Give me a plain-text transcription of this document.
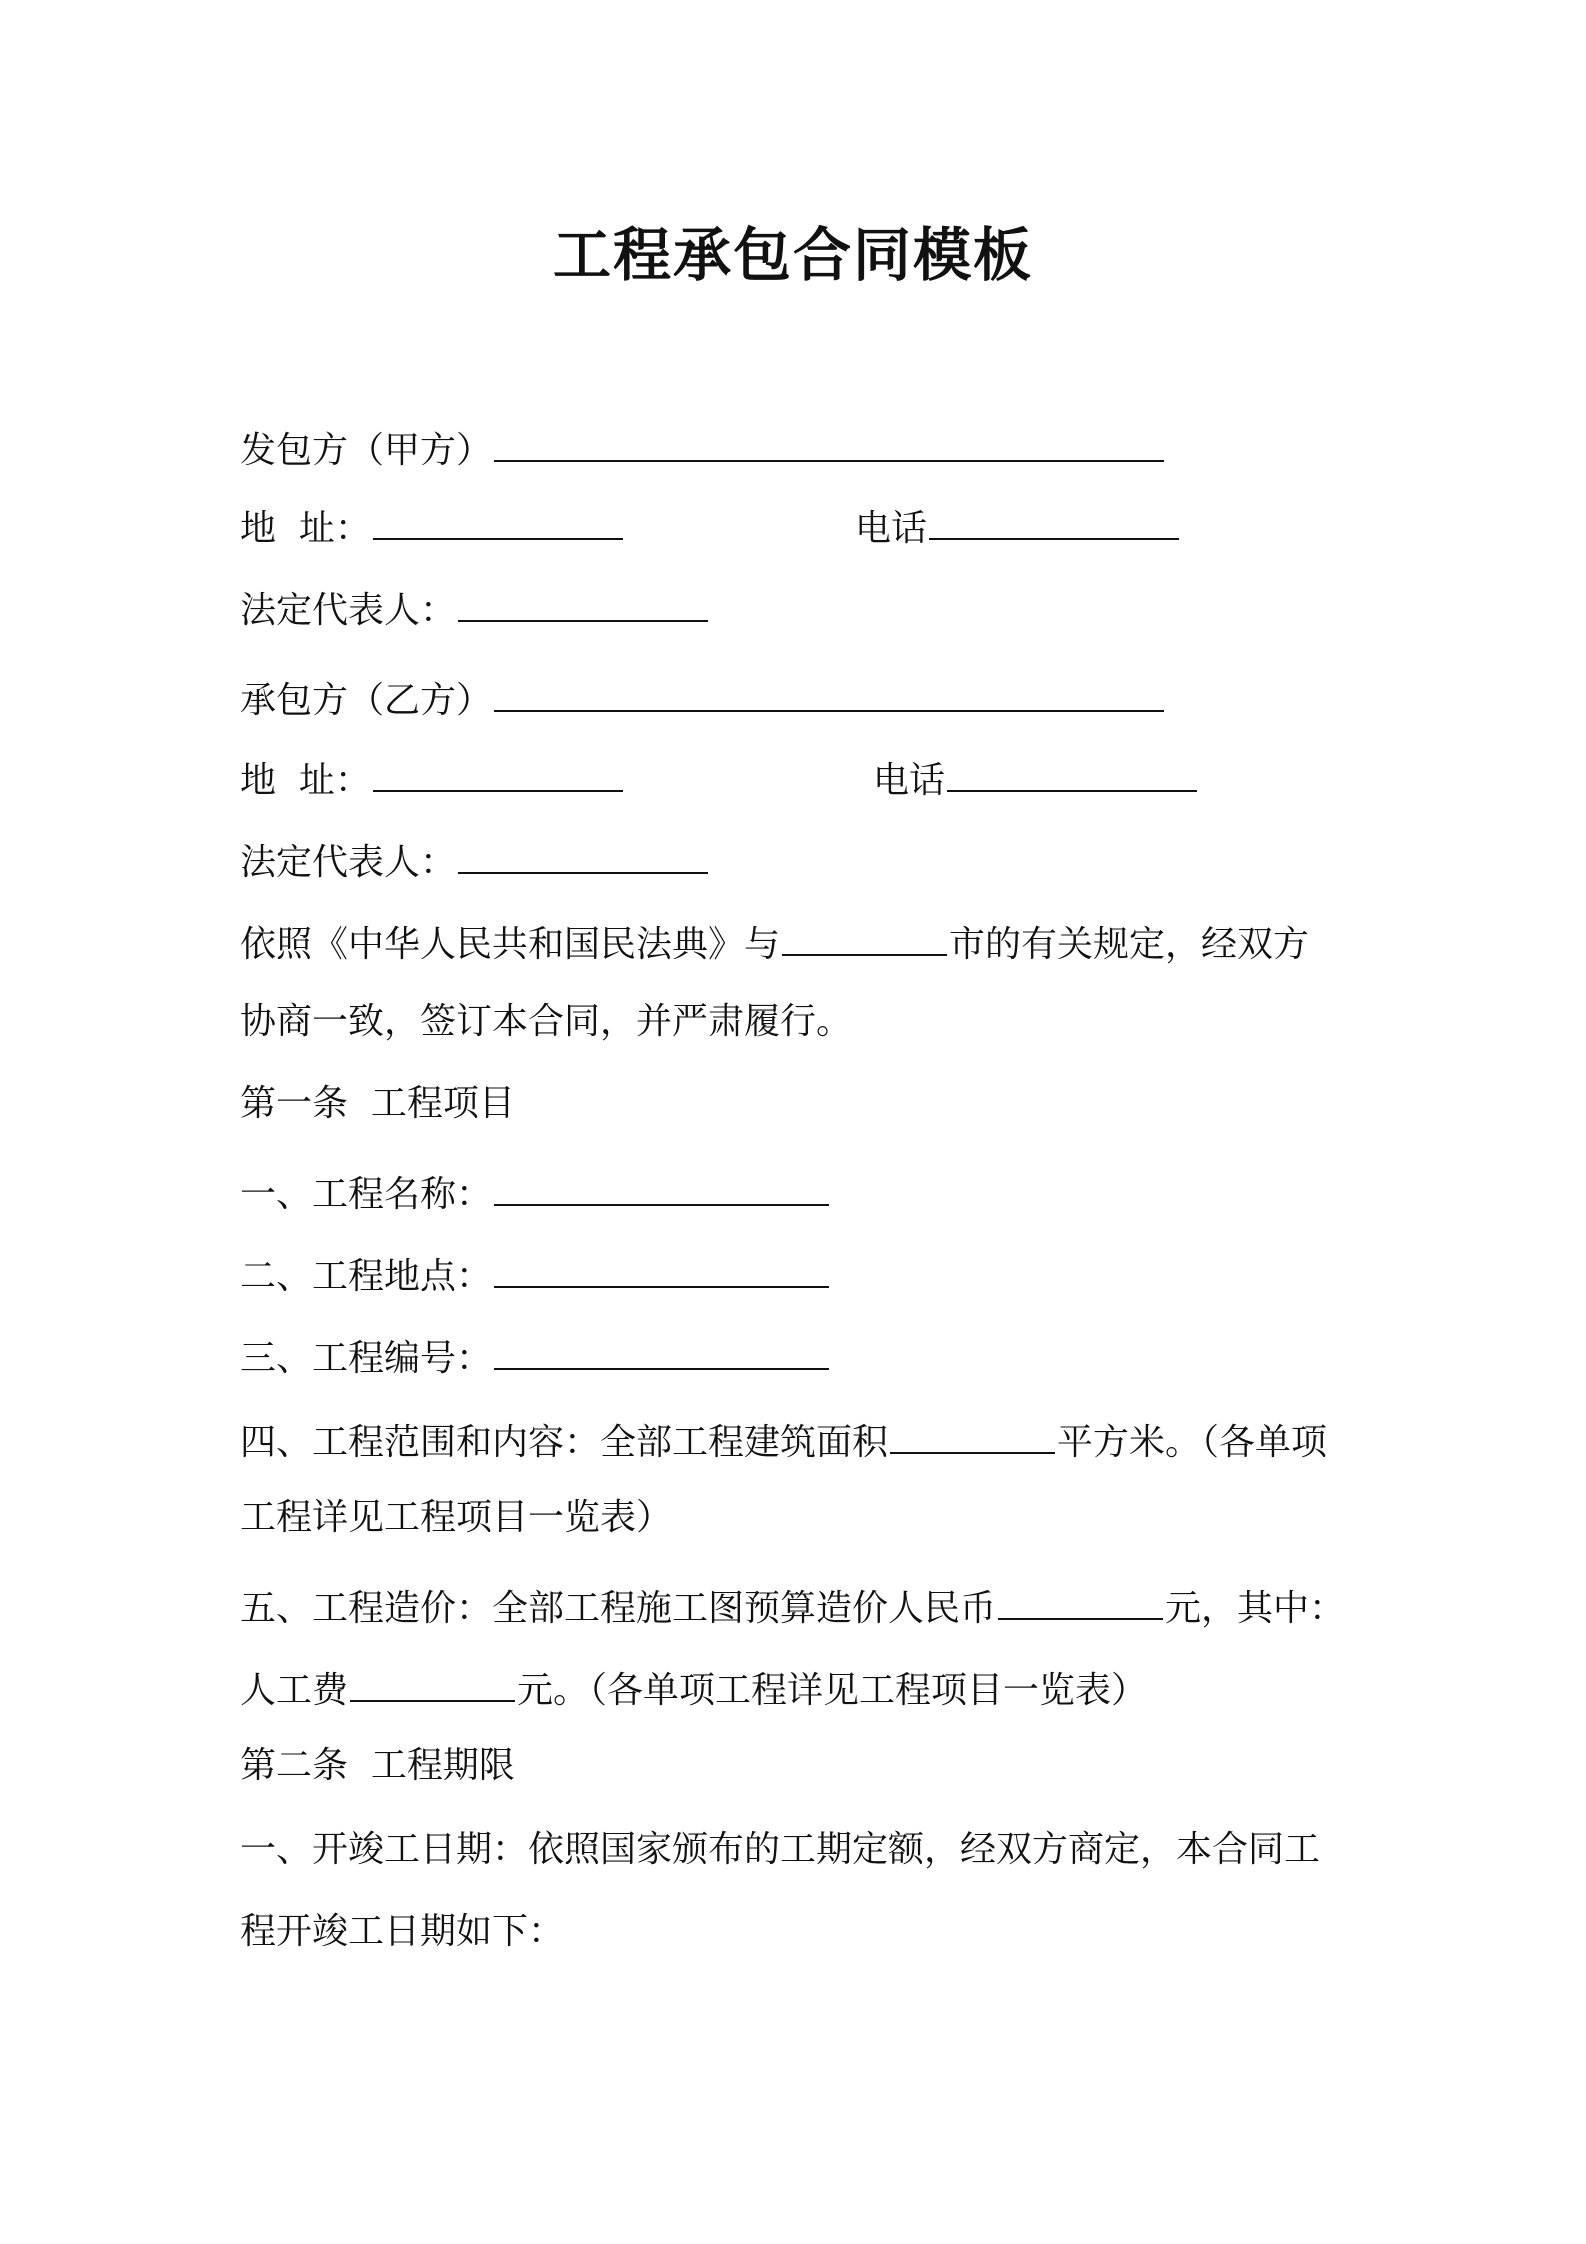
工程承包合同模板
发包方（甲方）
地  址：	电话
法定代表人：
承包方（乙方）
地  址：	电话
法定代表人：
依照《中华人民共和国民法典》与	市的有关规定，经双方
协商一致，签订本合同，并严肃履行。
第一条  工程项目
一、工程名称：
二、工程地点：
三、工程编号：
四、工程范围和内容：全部工程建筑面积	平方米。（各单项
工程详见工程项目一览表）
五、工程造价：全部工程施工图预算造价人民币	元，其中：
人工费	元。（各单项工程详见工程项目一览表）
第二条  工程期限
一、开竣工日期：依照国家颁布的工期定额，经双方商定，本合同工
程开竣工日期如下：
